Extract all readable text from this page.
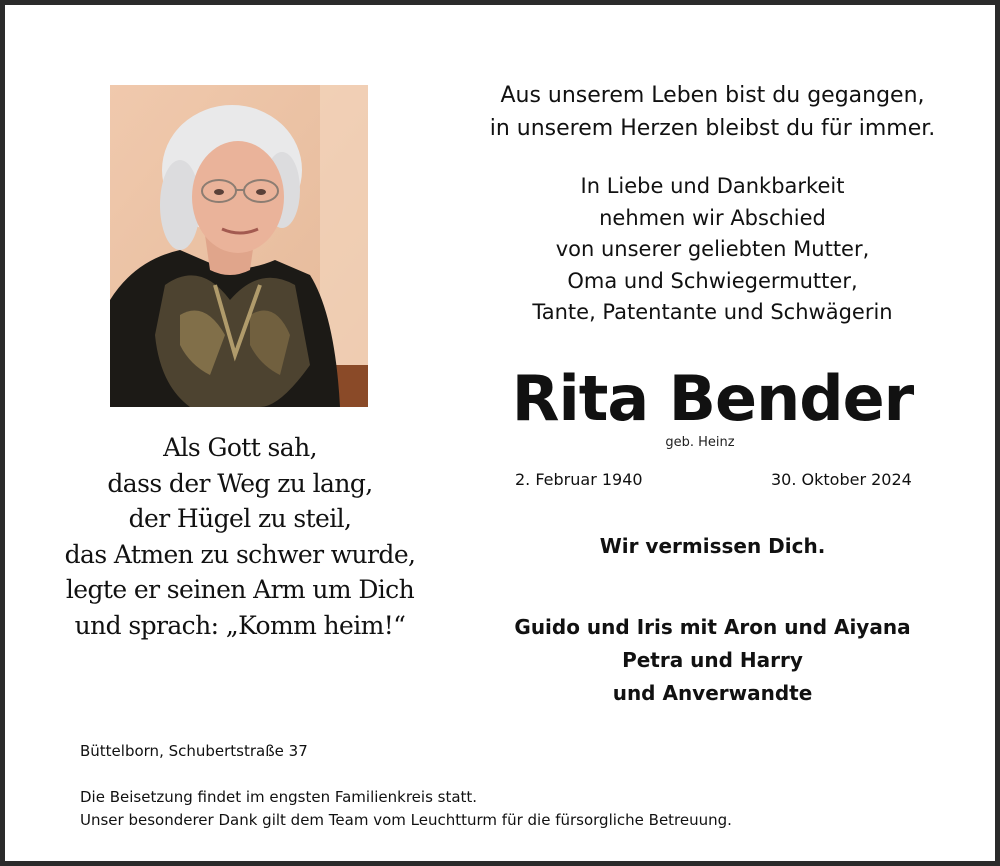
Als Gott sah,
dass der Weg zu lang,
der Hügel zu steil,
das Atmen zu schwer wurde,
legte er seinen Arm um Dich
und sprach: „Komm heim!“
Aus unserem Leben bist du gegangen,
in unserem Herzen bleibst du für immer.
In Liebe und Dankbarkeit
nehmen wir Abschied
von unserer geliebten Mutter,
Oma und Schwiegermutter,
Tante, Patentante und Schwägerin
Rita Bender
geb. Heinz
2. Februar 1940	30. Oktober 2024
Wir vermissen Dich.
Guido und Iris mit Aron und Aiyana
Petra und Harry
und Anverwandte
Büttelborn, Schubertstraße 37
Die Beisetzung findet im engsten Familienkreis statt.
Unser besonderer Dank gilt dem Team vom Leuchtturm für die fürsorgliche Betreuung.
